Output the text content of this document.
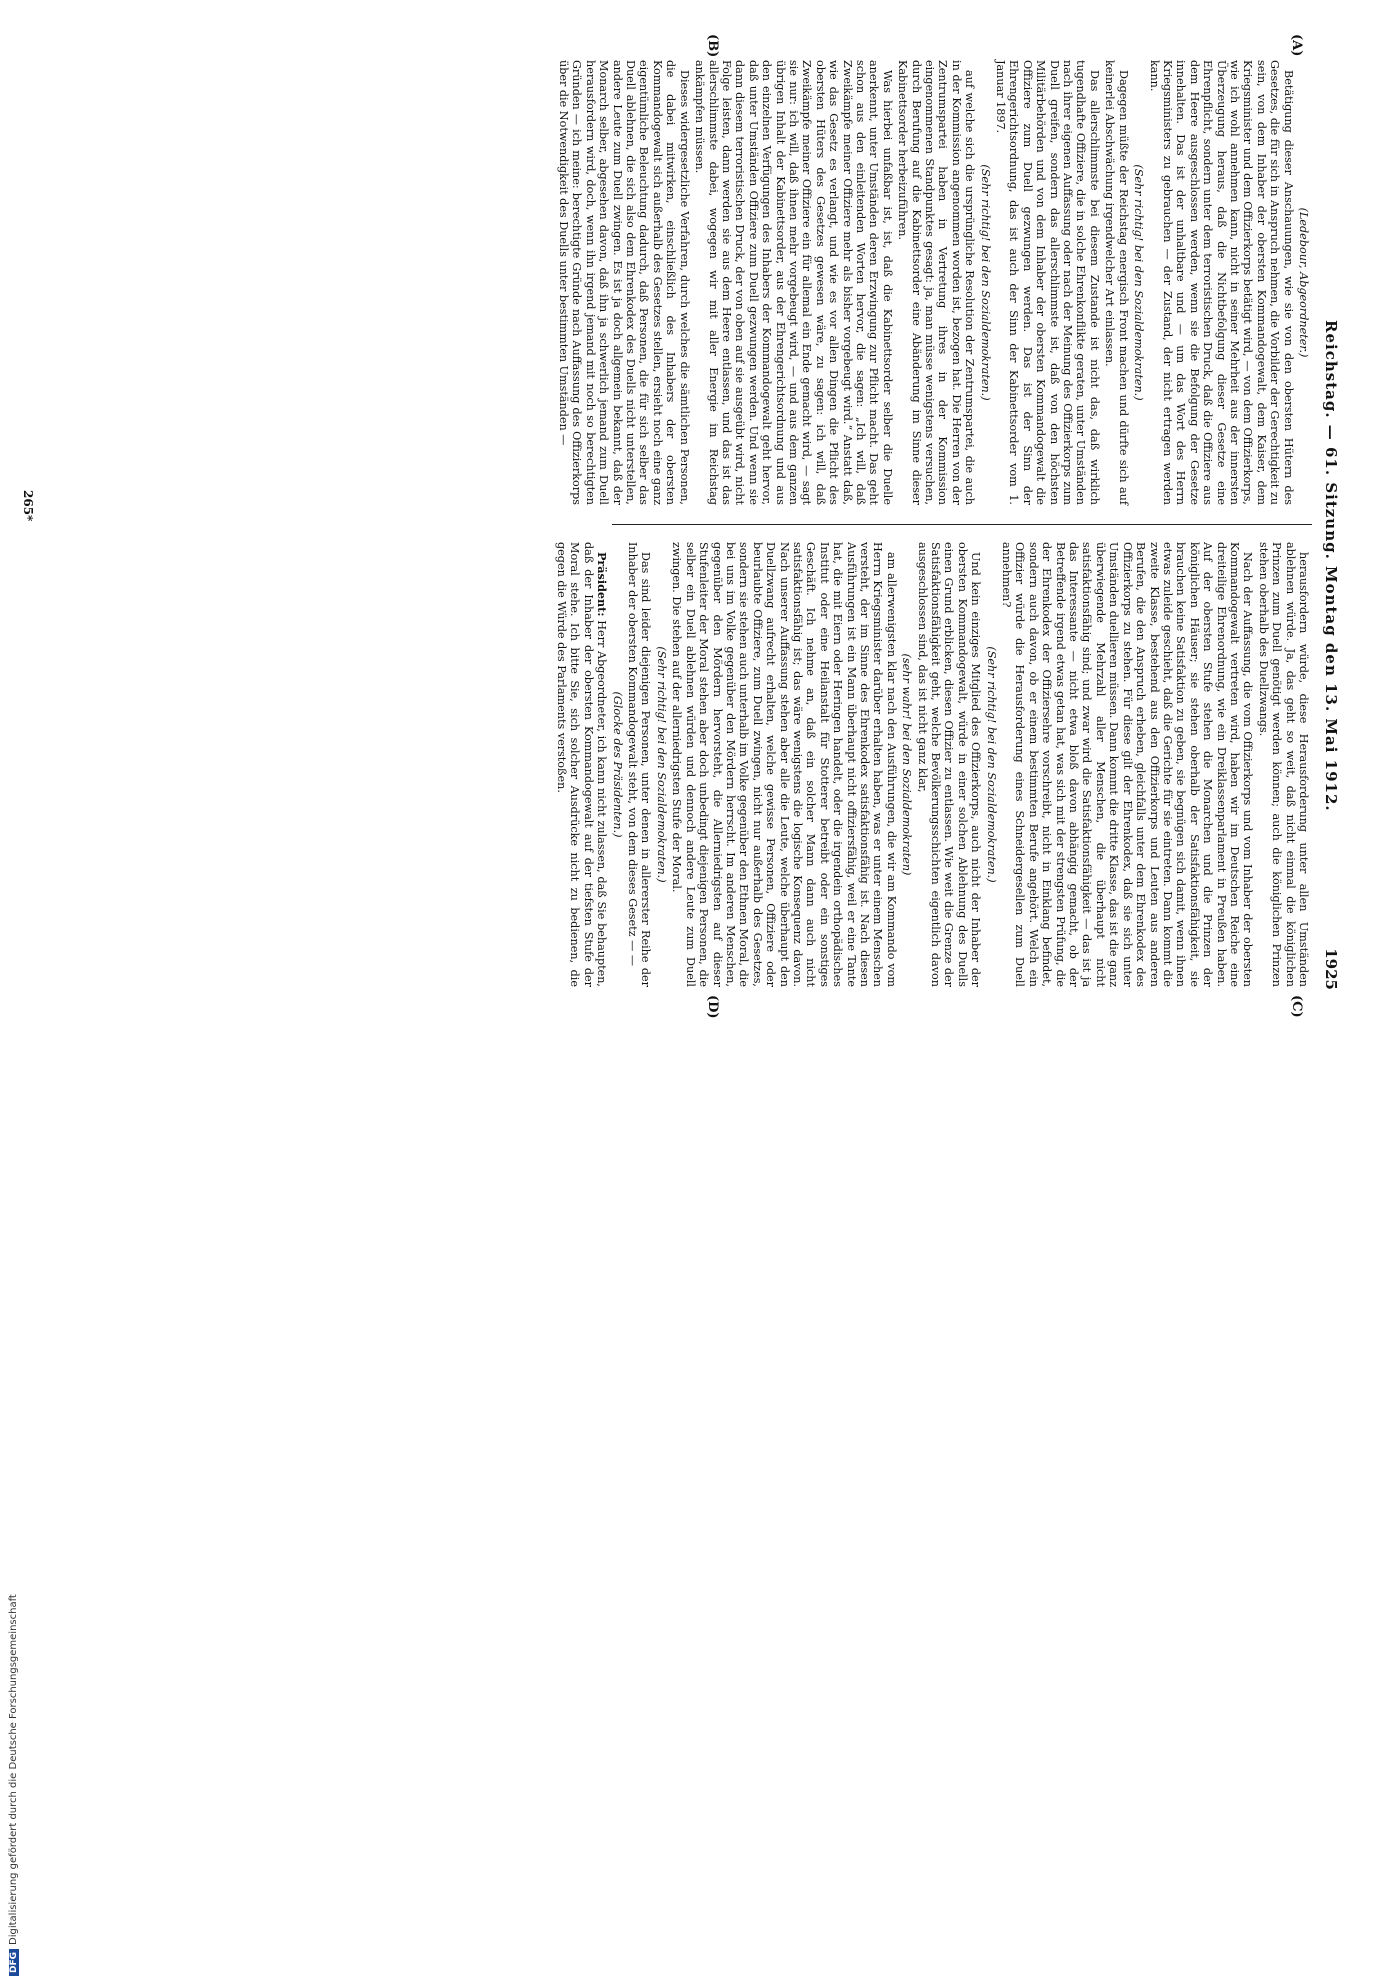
Reichstag. — 61. Sitzung. Montag den 13. Mai 1912.
1925
(A)
(B)
(C)
(D)

(Ledebour, Abgeordneter.)

Betätigung dieser Anschauungen, wie sie von den obersten Hütern des Gesetzes, die für sich in Anspruch nehmen, die Vorbilder der Gerechtigkeit zu sein, von dem Inhaber der obersten Kommandogewalt, dem Kaiser, dem Kriegsminister und dem Offizierkorps betätigt wird, — von dem Offizierkorps, wie ich wohl annehmen kann, nicht in seiner Mehrheit aus der innersten Überzeugung heraus, daß die Nichtbefolgung dieser Gesetze eine Ehrenpflicht, sondern unter dem terroristischen Druck, daß die Offiziere aus dem Heere ausgeschlossen werden, wenn sie die Befolgung der Gesetze innehalten. Das ist der unhaltbare und — um das Wort des Herrn Kriegsministers zu gebrauchen — der Zustand, der nicht ertragen werden kann.

(Sehr richtig! bei den Sozialdemokraten.)

Dagegen müßte der Reichstag energisch Front machen und dürfte sich auf keinerlei Abschwächung irgendwelcher Art einlassen.

Das allerschlimmste bei diesem Zustande ist nicht das, daß wirklich tugendhafte Offiziere, die in solche Ehrenkonflikte geraten, unter Umständen nach ihrer eigenen Auffassung oder nach der Meinung des Offizierkorps zum Duell greifen, sondern das allerschlimmste ist, daß von den höchsten Militärbehörden und von dem Inhaber der obersten Kommandogewalt die Offiziere zum Duell gezwungen werden. Das ist der Sinn der Ehrengerichtsordnung, das ist auch der Sinn der Kabinettsorder vom 1. Januar 1897.

(Sehr richtig! bei den Sozialdemokraten.)

auf welche sich die ursprüngliche Resolution der Zentrumspartei, die auch in der Kommission angenommen worden ist, bezogen hat. Die Herren von der Zentrumspartei haben in Vertretung ihres in der Kommission eingenommenen Standpunktes gesagt: ja, man müsse wenigstens versuchen, durch Berufung auf die Kabinettsorder eine Abänderung im Sinne dieser Kabinettsorder herbeizuführen.

Was hierbei unfaßbar ist, ist, daß die Kabinettsorder selber die Duelle anerkennt, unter Umständen deren Erzwingung zur Pflicht macht. Das geht schon aus den einleitenden Worten hervor, die sagen: „Ich will, daß Zweikämpfe meiner Offiziere mehr als bisher vorgebeugt wird.“ Anstatt daß, wie das Gesetz es verlangt, und wie es vor allen Dingen die Pflicht des obersten Hüters des Gesetzes gewesen wäre, zu sagen: ich will, daß Zweikämpfe meiner Offiziere ein für allemal ein Ende gemacht wird, — sagt sie nur: ich will, daß ihnen mehr vorgebeugt wird, — und aus dem ganzen übrigen Inhalt der Kabinettsorder, aus der Ehrengerichtsordnung und aus den einzelnen Verfügungen des Inhabers der Kommandogewalt geht hervor, daß unter Umständen Offiziere zum Duell gezwungen werden. Und wenn sie dann diesem terroristischen Druck, der von oben auf sie ausgeübt wird, nicht Folge leisten, dann werden sie aus dem Heere entlassen, und das ist das allerschlimmste dabei, wogegen wir mit aller Energie im Reichstag ankämpfen müssen.

Dieses widergesetzliche Verfahren, durch welches die sämtlichen Personen, die dabei mitwirken, einschließlich des Inhabers der obersten Kommandogewalt sich außerhalb des Gesetzes stellen, ersieht noch eine ganz eigentümliche Beleuchtung dadurch, daß Personen, die für sich selber das Duell ablehnen, die sich also dem Ehrenkodex des Duells nicht unterstellen, andere Leute zum Duell zwingen. Es ist ja doch allgemein bekannt, daß der Monarch selber, abgesehen davon, daß ihn ja schwerlich jemand zum Duell herausfordern wird, doch, wenn ihn irgend jemand mit noch so berechtigten Gründen — ich meine: berechtigte Gründe nach Auffassung des Offizierkorps über die Notwendigkeit des Duells unter bestimmten Umständen —

herausfordern würde, diese Herausforderung unter allen Umständen ablehnen würde. Ja, das geht so weit, daß nicht einmal die königlichen Prinzen zum Duell genötigt werden können; auch die königlichen Prinzen stehen oberhalb des Duellzwangs.

Nach der Auffassung, die vom Offizierkorps und vom Inhaber der obersten Kommandogewalt vertreten wird, haben wir im Deutschen Reiche eine dreiteilige Ehrenordnung, wie ein Dreiklassenparlament in Preußen haben. Auf der obersten Stufe stehen die Monarchen und die Prinzen der königlichen Häuser; sie stehen oberhalb der Satisfaktionsfähigkeit, sie brauchen keine Satisfaktion zu geben, sie begnügen sich damit, wenn ihnen etwas zuleide geschieht, daß die Gerichte für sie eintreten. Dann kommt die zweite Klasse, bestehend aus den Offizierkorps und Leuten aus anderen Berufen, die den Anspruch erheben, gleichfalls unter dem Ehrenkodex des Offizierkorps zu stehen. Für diese gilt der Ehrenkodex, daß sie sich unter Umständen duellieren müssen. Dann kommt die dritte Klasse, das ist die ganz überwiegende Mehrzahl aller Menschen, die überhaupt nicht satisfaktionsfähig sind; und zwar wird die Satisfaktionsfähigkeit — das ist ja das Interessante — nicht etwa bloß davon abhängig gemacht, ob der Betreffende irgend etwas getan hat, was sich mit der strengsten Prüfung, die der Ehrenkodex der Offiziersehre vorschreibt, nicht in Einklang befindet, sondern auch davon, ob er einem bestimmten Berufe angehört. Welch ein Offizier würde die Herausforderung eines Schneidergesellen zum Duell annehmen?

(Sehr richtig! bei den Sozialdemokraten.)

Und kein einziges Mitglied des Offizierkorps, auch nicht der Inhaber der obersten Kommandogewalt, würde in einer solchen Ablehnung des Duells einen Grund erblicken, diesen Offizier zu entlassen. Wie weit die Grenze der Satisfaktionsfähigkeit geht, welche Bevölkerungsschichten eigentlich davon ausgeschlossen sind, das ist nicht ganz klar,

(sehr wahr! bei den Sozialdemokraten)

am allerwenigsten klar nach den Ausführungen, die wir am Kommando vom Herrn Kriegsminister darüber erhalten haben, was er unter einem Menschen versteht, der im Sinne des Ehrenkodex satisfaktionsfähig ist. Nach diesen Ausführungen ist ein Mann überhaupt nicht offiziersfähig, weil er eine Tante hat, die mit Eiern oder Heringen handelt, oder die irgendein orthopädisches Institut oder eine Heilanstalt für Stotterer betreibt oder ein sonstiges Geschäft. Ich nehme an, daß ein solcher Mann dann auch nicht satisfaktionsfähig ist; das wäre wenigstens die logische Konsequenz davon. Nach unserer Auffassung stehen aber alle die Leute, welche überhaupt den Duellzwang aufrecht erhalten, welche gewisse Personen, Offiziere oder beurlaubte Offiziere, zum Duell zwingen, nicht nur außerhalb des Gesetzes, sondern sie stehen auch unterhalb im Volke gegenüber den Ethnen Moral, die bei uns im Volke gegenüber den Mördern herrscht. Im anderen Menschen, gegenüber den Mördern hervorsteht, die Allerniedrigsten auf dieser Stufenleiter der Moral stehen aber doch unbedingt diejenigen Personen, die selber ein Duell ablehnen würden und dennoch andere Leute zum Duell zwingen. Die stehen auf der allerniedrigsten Stufe der Moral.

(Sehr richtig! bei den Sozialdemokraten.)

Das sind leider diejenigen Personen, unter denen in allererster Reihe der Inhaber der obersten Kommandogewalt steht, von dem dieses Gesetz — —

(Glocke des Präsidenten.)

Präsident: Herr Abgeordneter, ich kann nicht zulassen, daß Sie behaupten, daß der Inhaber der obersten Kommandogewalt auf der tiefsten Stufe der Moral stehe. Ich bitte Sie, sich solcher Ausdrücke nicht zu bedienen, die gegen die Würde des Parlaments verstoßen.

265*
DFGDigitalisierung gefördert durch die Deutsche Forschungsgemeinschaft
